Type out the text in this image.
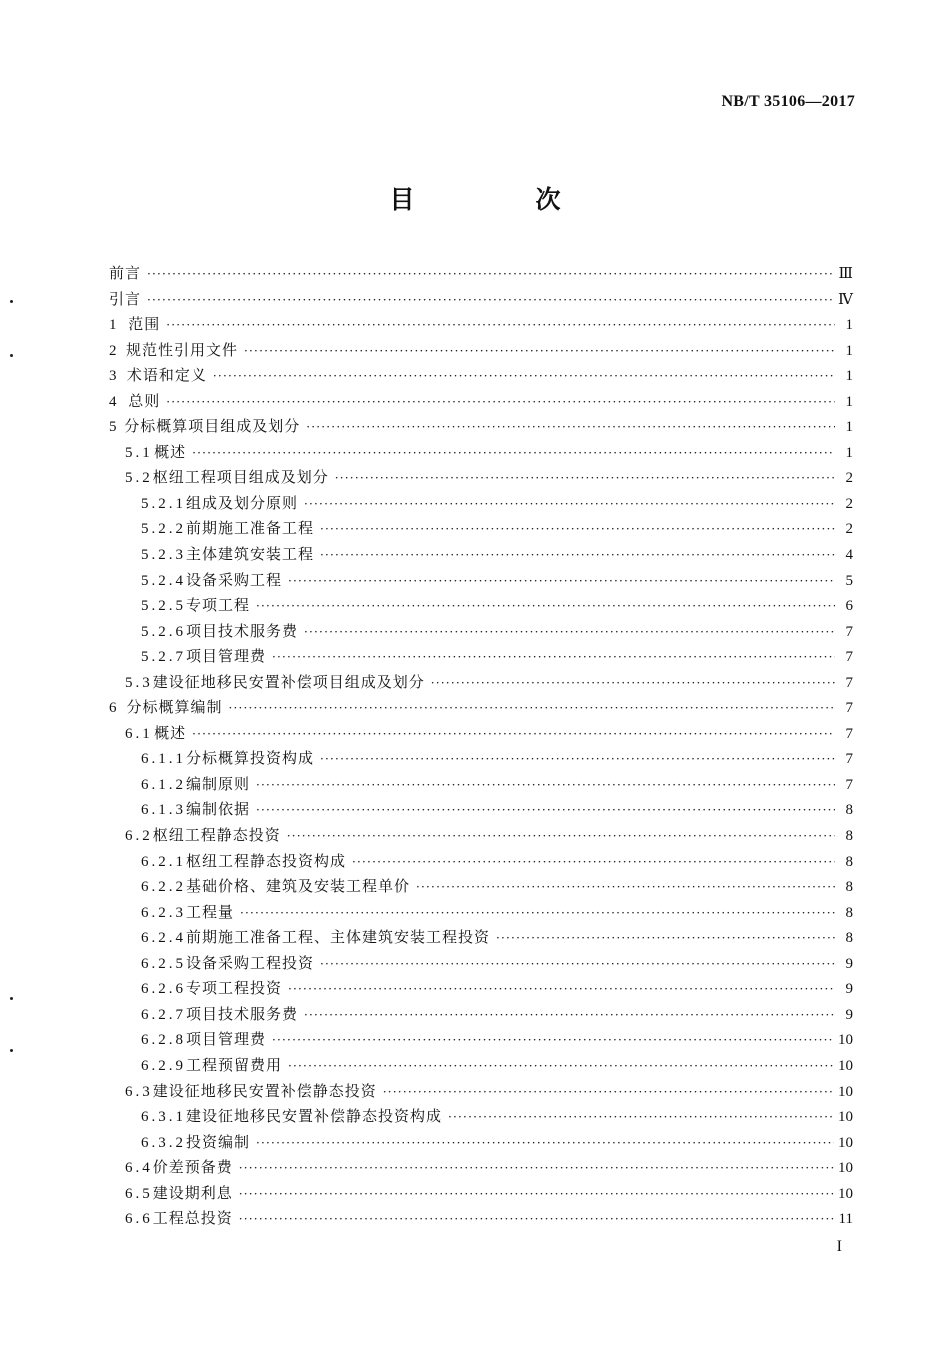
NB/T 35106—2017
目　次
前言 ·····	Ⅲ
引言 ·····	Ⅳ
1 范围 ·····	1
2 规范性引用文件 ·····	1
3 术语和定义 ·····	1
4 总则 ·····	1
5 分标概算项目组成及划分 ·····	1
5.1 概述 ·····	1
5.2 枢纽工程项目组成及划分 ·····	2
5.2.1 组成及划分原则 ·····	2
5.2.2 前期施工准备工程 ·····	2
5.2.3 主体建筑安装工程 ·····	4
5.2.4 设备采购工程 ·····	5
5.2.5 专项工程 ·····	6
5.2.6 项目技术服务费 ·····	7
5.2.7 项目管理费 ·····	7
5.3 建设征地移民安置补偿项目组成及划分 ·····	7
6 分标概算编制 ·····	7
6.1 概述 ·····	7
6.1.1 分标概算投资构成 ·····	7
6.1.2 编制原则 ·····	7
6.1.3 编制依据 ·····	8
6.2 枢纽工程静态投资 ·····	8
6.2.1 枢纽工程静态投资构成 ·····	8
6.2.2 基础价格、建筑及安装工程单价 ·····	8
6.2.3 工程量 ·····	8
6.2.4 前期施工准备工程、主体建筑安装工程投资 ·····	8
6.2.5 设备采购工程投资 ·····	9
6.2.6 专项工程投资 ·····	9
6.2.7 项目技术服务费 ·····	9
6.2.8 项目管理费 ·····	10
6.2.9 工程预留费用 ·····	10
6.3 建设征地移民安置补偿静态投资 ·····	10
6.3.1 建设征地移民安置补偿静态投资构成 ·····	10
6.3.2 投资编制 ·····	10
6.4 价差预备费 ·····	10
6.5 建设期利息 ·····	10
6.6 工程总投资 ·····	11
I
